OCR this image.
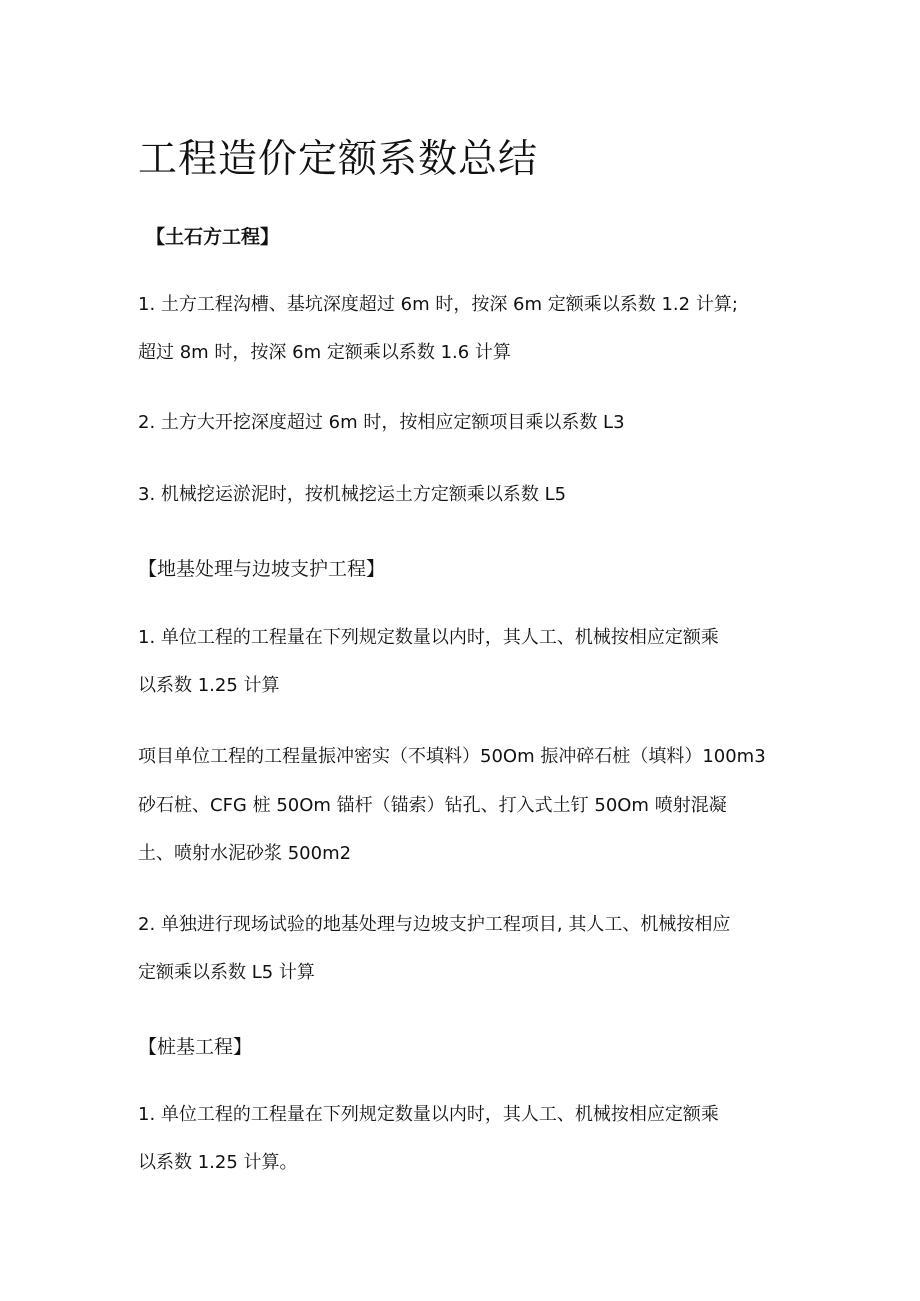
工程造价定额系数总结
【土石方工程】
1. 土方工程沟槽、基坑深度超过 6m 时，按深 6m 定额乘以系数 1.2 计算;
超过 8m 时，按深 6m 定额乘以系数 1.6 计算
2. 土方大开挖深度超过 6m 时，按相应定额项目乘以系数 L3
3. 机械挖运淤泥时，按机械挖运土方定额乘以系数 L5
【地基处理与边坡支护工程】
1. 单位工程的工程量在下列规定数量以内时，其人工、机械按相应定额乘
以系数 1.25 计算
项目单位工程的工程量振冲密实（不填料）50Om 振冲碎石桩（填料）100m3
砂石桩、CFG 桩 50Om 锚杆（锚索）钻孔、打入式土钉 50Om 喷射混凝
土、喷射水泥砂浆 500m2
2. 单独进行现场试验的地基处理与边坡支护工程项目, 其人工、机械按相应
定额乘以系数 L5 计算
【桩基工程】
1. 单位工程的工程量在下列规定数量以内时，其人工、机械按相应定额乘
以系数 1.25 计算。
